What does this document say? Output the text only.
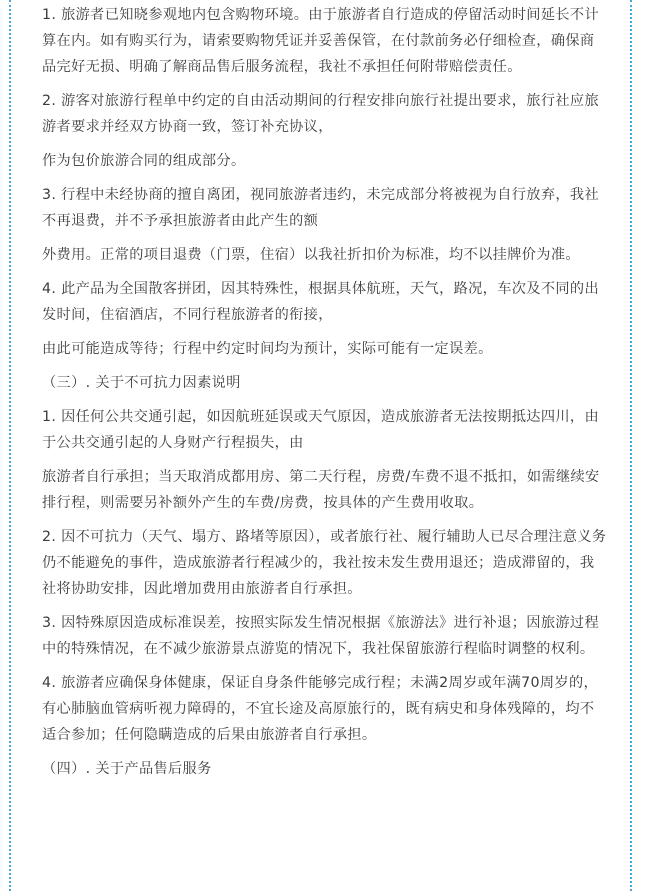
1. 旅游者已知晓参观地内包含购物环境。由于旅游者自行造成的停留活动时间延长不计算在内。如有购买行为，请索要购物凭证并妥善保管，在付款前务必仔细检查，确保商品完好无损、明确了解商品售后服务流程，我社不承担任何附带赔偿责任。

2. 游客对旅游行程单中约定的自由活动期间的行程安排向旅行社提出要求，旅行社应旅游者要求并经双方协商一致，签订补充协议，

作为包价旅游合同的组成部分。

3. 行程中未经协商的擅自离团，视同旅游者违约，未完成部分将被视为自行放弃，我社不再退费，并不予承担旅游者由此产生的额

外费用。正常的项目退费（门票，住宿）以我社折扣价为标准，均不以挂牌价为准。

4. 此产品为全国散客拼团，因其特殊性，根据具体航班，天气，路况，车次及不同的出发时间，住宿酒店，不同行程旅游者的衔接，

由此可能造成等待；行程中约定时间均为预计，实际可能有一定误差。

（三）. 关于不可抗力因素说明

1. 因任何公共交通引起，如因航班延误或天气原因，造成旅游者无法按期抵达四川，由于公共交通引起的人身财产行程损失，由

旅游者自行承担；当天取消成都用房、第二天行程，房费/车费不退不抵扣，如需继续安排行程，则需要另补额外产生的车费/房费，按具体的产生费用收取。

2. 因不可抗力（天气、塌方、路堵等原因），或者旅行社、履行辅助人已尽合理注意义务仍不能避免的事件，造成旅游者行程减少的，我社按未发生费用退还；造成滞留的，我社将协助安排，因此增加费用由旅游者自行承担。

3. 因特殊原因造成标准误差，按照实际发生情况根据《旅游法》进行补退；因旅游过程中的特殊情况，在不减少旅游景点游览的情况下，我社保留旅游行程临时调整的权利。

4. 旅游者应确保身体健康，保证自身条件能够完成行程；未满2周岁或年满70周岁的，有心肺脑血管病听视力障碍的，不宜长途及高原旅行的，既有病史和身体残障的，均不适合参加；任何隐瞒造成的后果由旅游者自行承担。

（四）. 关于产品售后服务
